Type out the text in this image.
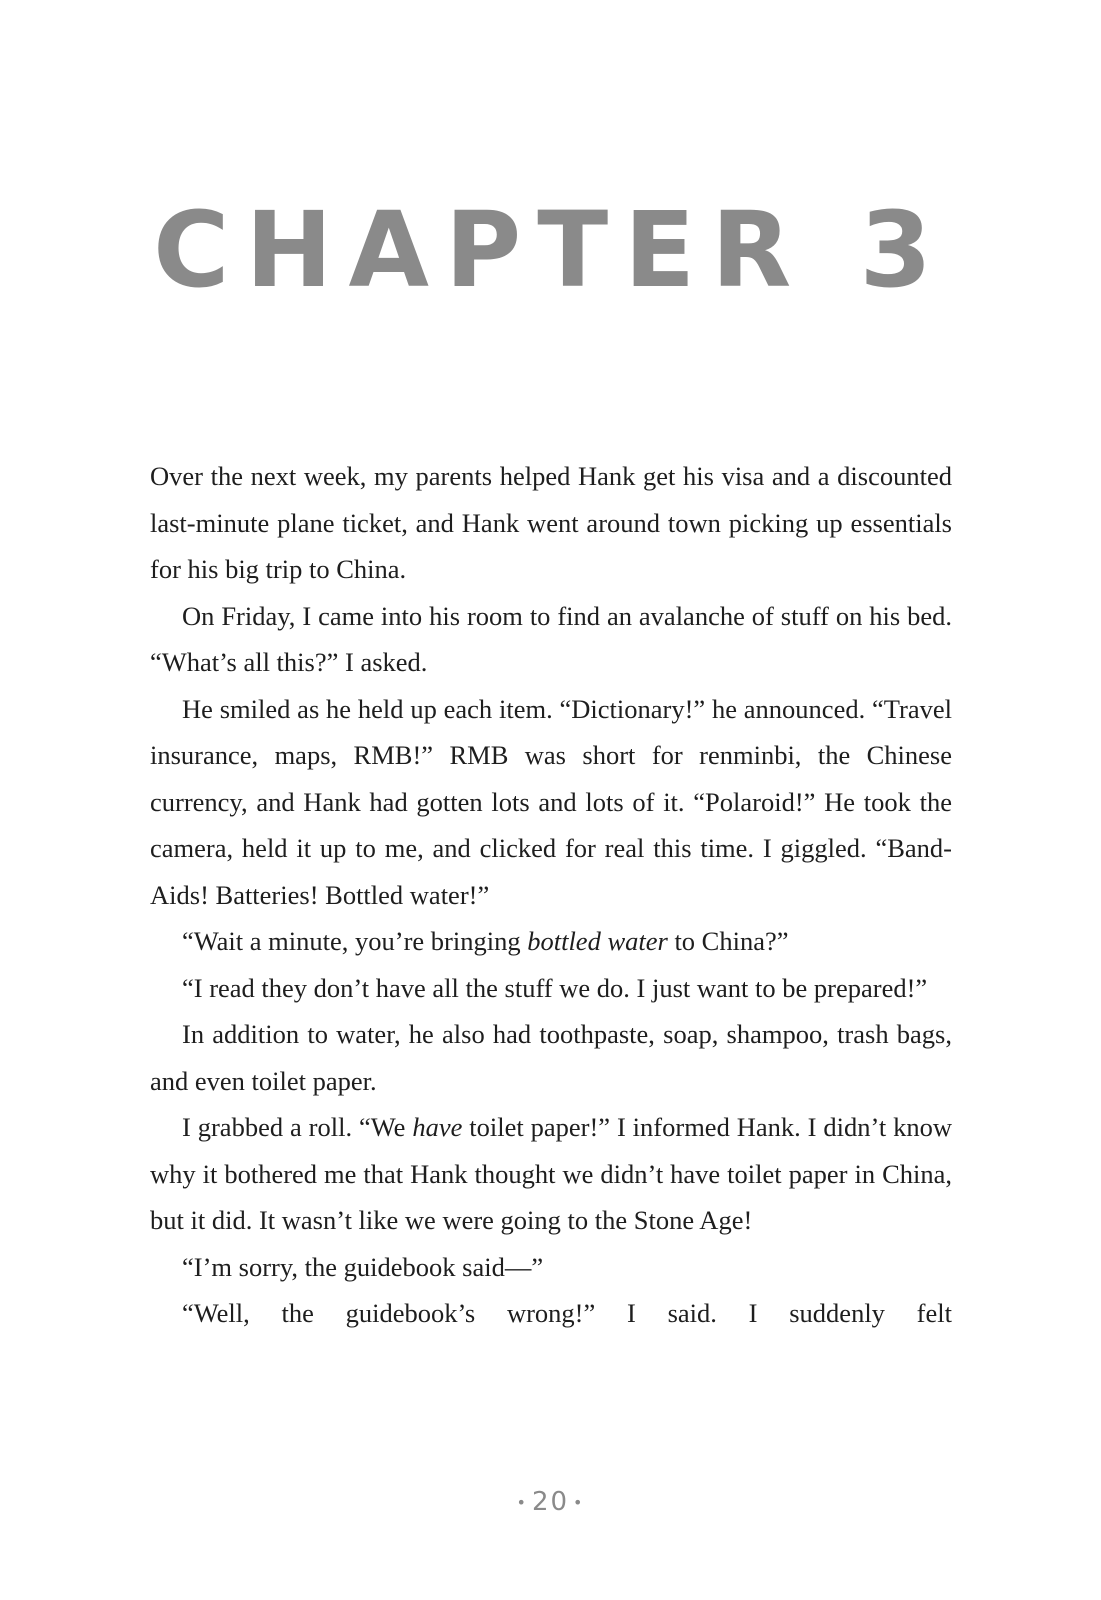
CHAPTER 3

Over the next week, my parents helped Hank get his visa and a discounted last-minute plane ticket, and Hank went around town picking up essentials for his big trip to China.

On Friday, I came into his room to find an avalanche of stuff on his bed. “What’s all this?” I asked.

He smiled as he held up each item. “Dictionary!” he announced. “Travel insurance, maps, RMB!” RMB was short for renminbi, the Chinese currency, and Hank had gotten lots and lots of it. “Polaroid!” He took the camera, held it up to me, and clicked for real this time. I giggled. “Band-Aids! Batteries! Bottled water!”

“Wait a minute, you’re bringing bottled water to China?”

“I read they don’t have all the stuff we do. I just want to be prepared!”

In addition to water, he also had toothpaste, soap, shampoo, trash bags, and even toilet paper.

I grabbed a roll. “We have toilet paper!” I informed Hank. I didn’t know why it bothered me that Hank thought we didn’t have toilet paper in China, but it did. It wasn’t like we were going to the Stone Age!

“I’m sorry, the guidebook said—”

“Well, the guidebook’s wrong!” I said. I suddenly felt

• 20 •
